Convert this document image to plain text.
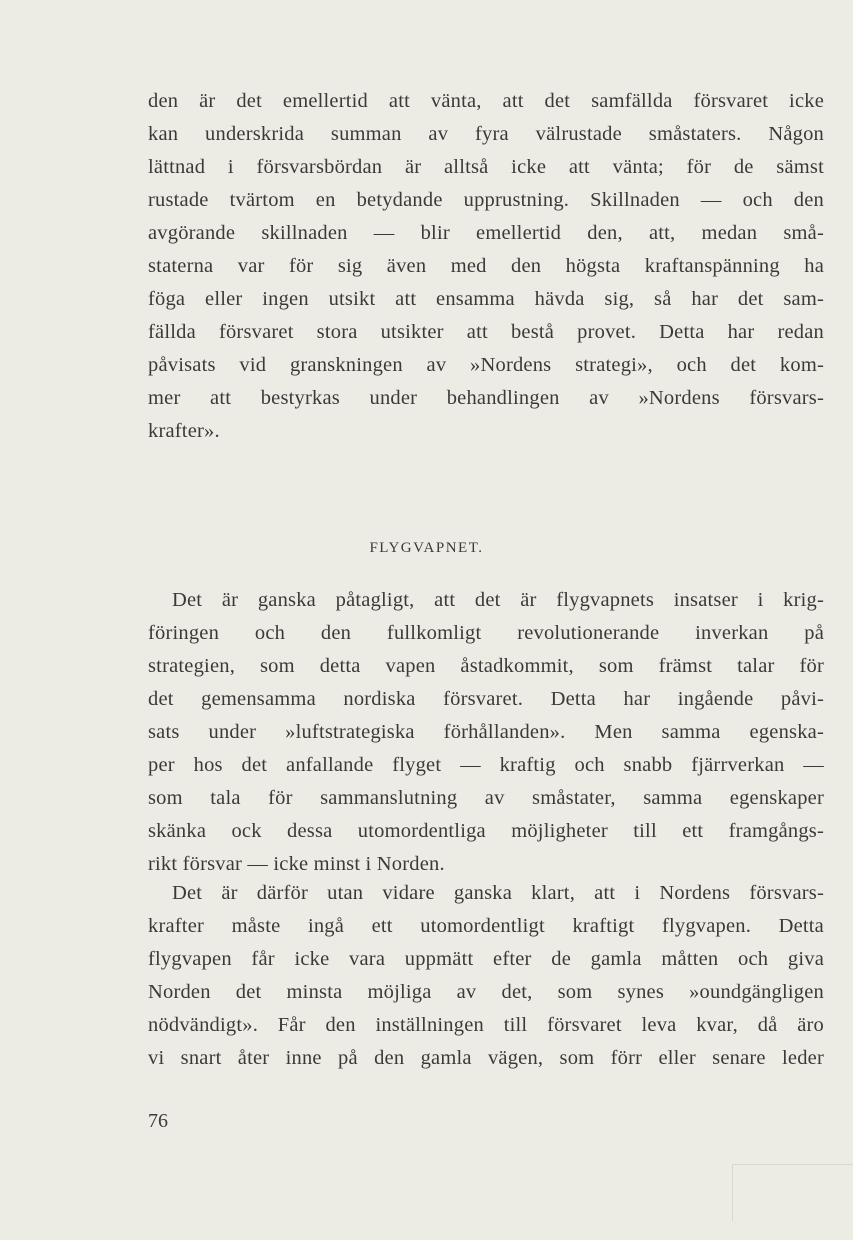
den är det emellertid att vänta, att det samfällda försvaret icke
kan underskrida summan av fyra välrustade småstaters. Någon
lättnad i försvarsbördan är alltså icke att vänta; för de sämst
rustade tvärtom en betydande upprustning. Skillnaden — och den
avgörande skillnaden — blir emellertid den, att, medan små-
staterna var för sig även med den högsta kraftanspänning ha
föga eller ingen utsikt att ensamma hävda sig, så har det sam-
fällda försvaret stora utsikter att bestå provet. Detta har redan
påvisats vid granskningen av »Nordens strategi», och det kom-
mer att bestyrkas under behandlingen av »Nordens försvars-
krafter».
FLYGVAPNET.
Det är ganska påtagligt, att det är flygvapnets insatser i krig-
föringen och den fullkomligt revolutionerande inverkan på
strategien, som detta vapen åstadkommit, som främst talar för
det gemensamma nordiska försvaret. Detta har ingående påvi-
sats under »luftstrategiska förhållanden». Men samma egenska-
per hos det anfallande flyget — kraftig och snabb fjärrverkan —
som tala för sammanslutning av småstater, samma egenskaper
skänka ock dessa utomordentliga möjligheter till ett framgångs-
rikt försvar — icke minst i Norden.
Det är därför utan vidare ganska klart, att i Nordens försvars-
krafter måste ingå ett utomordentligt kraftigt flygvapen. Detta
flygvapen får icke vara uppmätt efter de gamla måtten och giva
Norden det minsta möjliga av det, som synes »oundgängligen
nödvändigt». Får den inställningen till försvaret leva kvar, då äro
vi snart åter inne på den gamla vägen, som förr eller senare leder
76
